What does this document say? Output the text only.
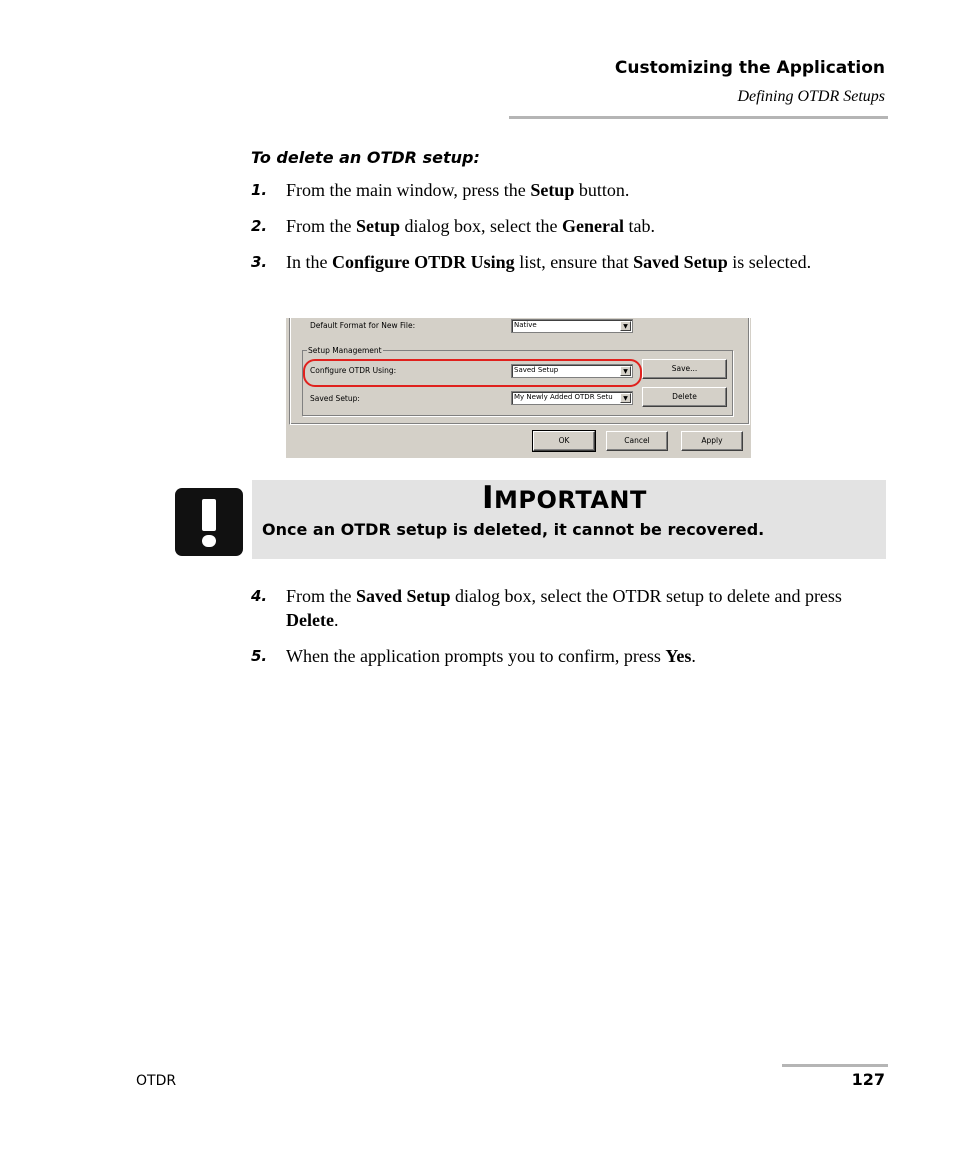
Customizing the Application
Defining OTDR Setups
To delete an OTDR setup:
1. From the main window, press the Setup button.
2. From the Setup dialog box, select the General tab.
3. In the Configure OTDR Using list, ensure that Saved Setup is selected.
Default Format for New File:	Native	▼
Setup Management
Configure OTDR Using:	Saved Setup	▼	Save...
Saved Setup:	My Newly Added OTDR Setu	▼	Delete
OK	Cancel	Apply
IMPORTANT
Once an OTDR setup is deleted, it cannot be recovered.
4. From the Saved Setup dialog box, select the OTDR setup to delete and press Delete.
5. When the application prompts you to confirm, press Yes.
OTDR	127
